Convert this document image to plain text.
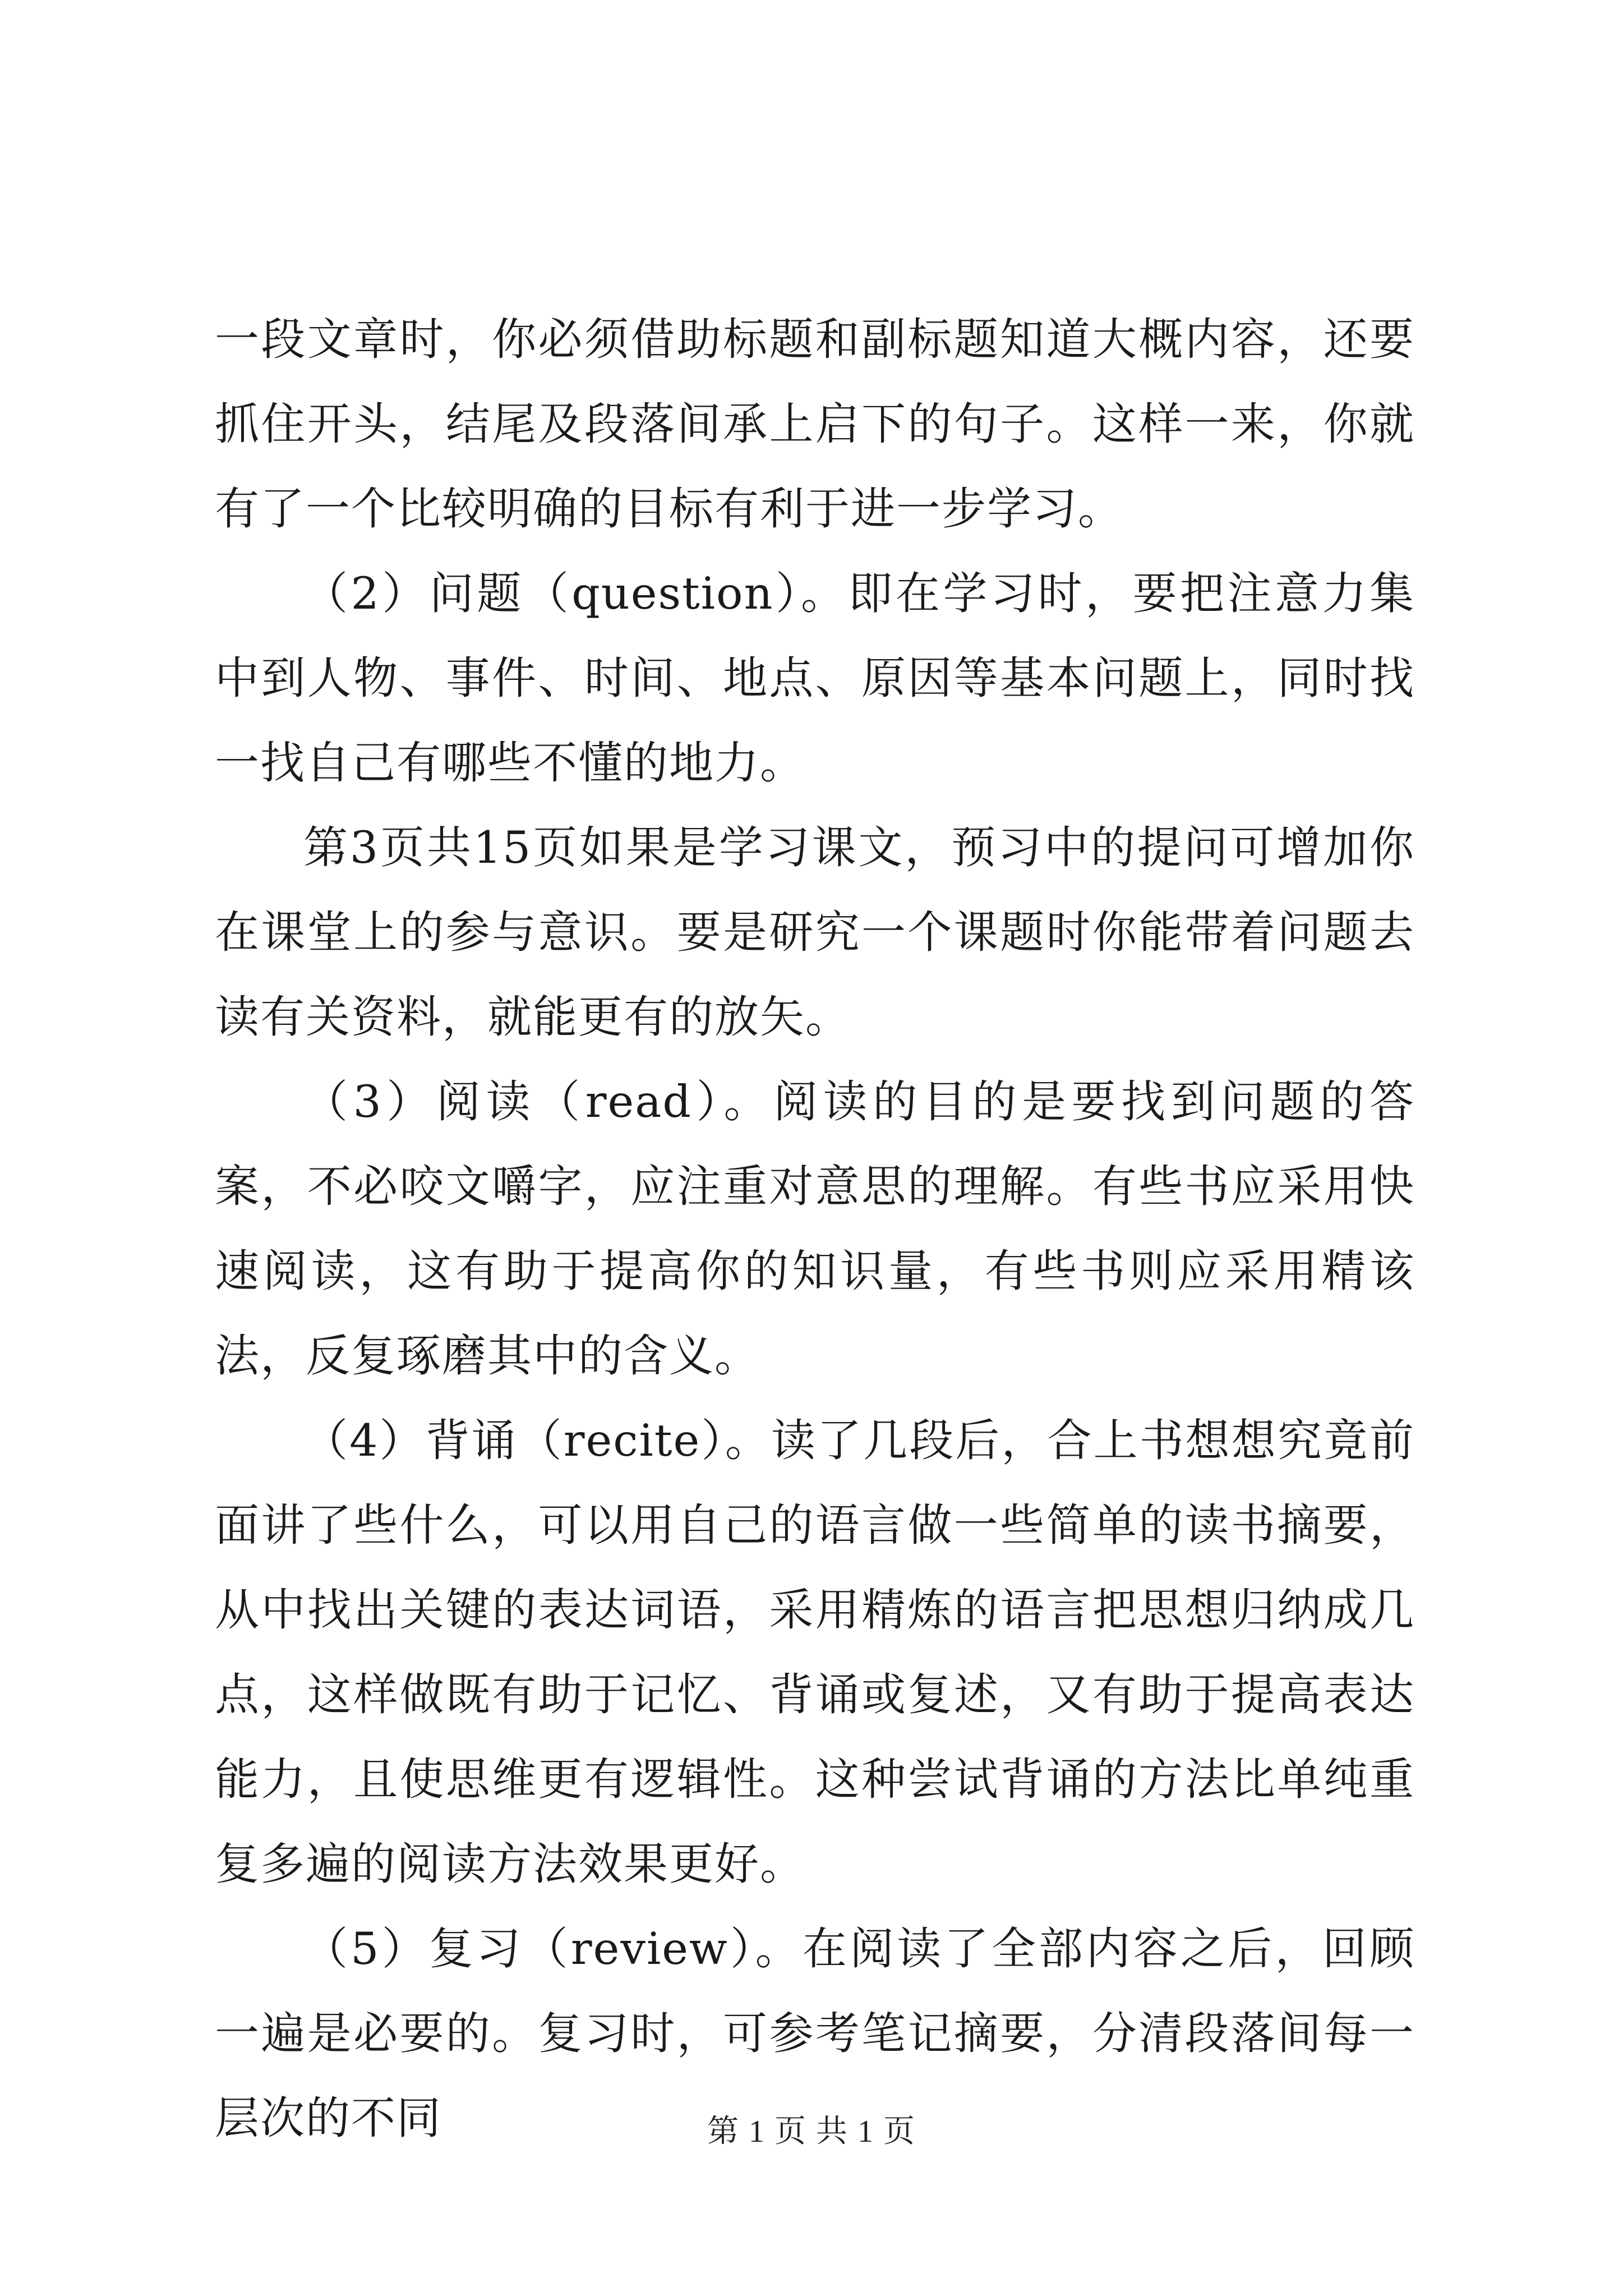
一段文章时，你必须借助标题和副标题知道大概内容，还要抓住开头，结尾及段落间承上启下的句子。这样一来，你就有了一个比较明确的目标有利于进一步学习。

（2）问题（question）。即在学习时，要把注意力集中到人物、事件、时间、地点、原因等基本问题上，同时找一找自己有哪些不懂的地力。

第3页共15页如果是学习课文，预习中的提问可增加你在课堂上的参与意识。要是研究一个课题时你能带着问题去读有关资料，就能更有的放矢。

（3）阅读（read）。阅读的目的是要找到问题的答案，不必咬文嚼字，应注重对意思的理解。有些书应采用快速阅读，这有助于提高你的知识量，有些书则应采用精该法，反复琢磨其中的含义。

（4）背诵（recite）。读了几段后，合上书想想究竟前面讲了些什么，可以用自己的语言做一些简单的读书摘要，从中找出关键的表达词语，采用精炼的语言把思想归纳成几点，这样做既有助于记忆、背诵或复述，又有助于提高表达能力，且使思维更有逻辑性。这种尝试背诵的方法比单纯重复多遍的阅读方法效果更好。

（5）复习（review）。在阅读了全部内容之后，回顾一遍是必要的。复习时，可参考笔记摘要，分清段落间每一层次的不同	第 1 页 共 1 页
